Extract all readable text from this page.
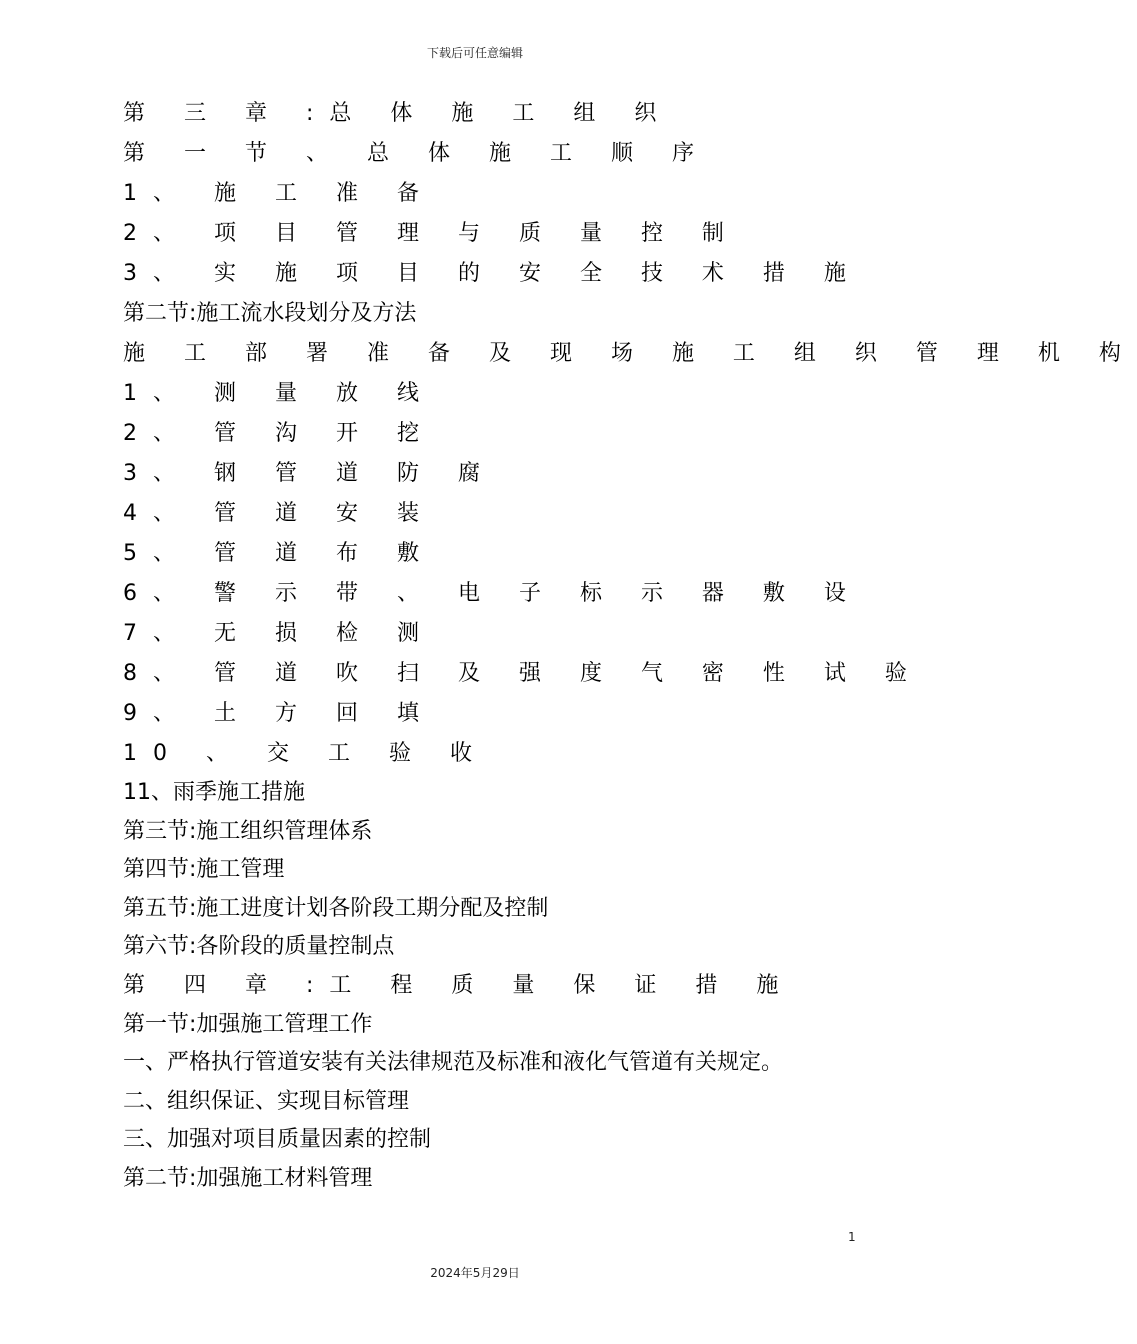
下载后可任意编辑
第 三 章 :总 体 施 工 组 织
第 一 节 、 总 体 施 工 顺 序
1、 施 工 准 备
2、 项 目 管 理 与 质 量 控 制
3、 实 施 项 目 的 安 全 技 术 措 施
第二节:施工流水段划分及方法
施 工 部 署 准 备 及 现 场 施 工 组 织 管 理 机 构
1、 测 量 放 线
2、 管 沟 开 挖
3、 钢 管 道 防 腐
4、 管 道 安 装
5、 管 道 布 敷
6、 警 示 带 、 电 子 标 示 器 敷 设
7、 无 损 检 测
8、 管 道 吹 扫 及 强 度 气 密 性 试 验
9、 土 方 回 填
10 、 交 工 验 收
11、雨季施工措施
第三节:施工组织管理体系
第四节:施工管理
第五节:施工进度计划各阶段工期分配及控制
第六节:各阶段的质量控制点
第 四 章 :工 程 质 量 保 证 措 施
第一节:加强施工管理工作
一、严格执行管道安装有关法律规范及标准和液化气管道有关规定。
二、组织保证、实现目标管理
三、加强对项目质量因素的控制
第二节:加强施工材料管理
1
2024年5月29日
